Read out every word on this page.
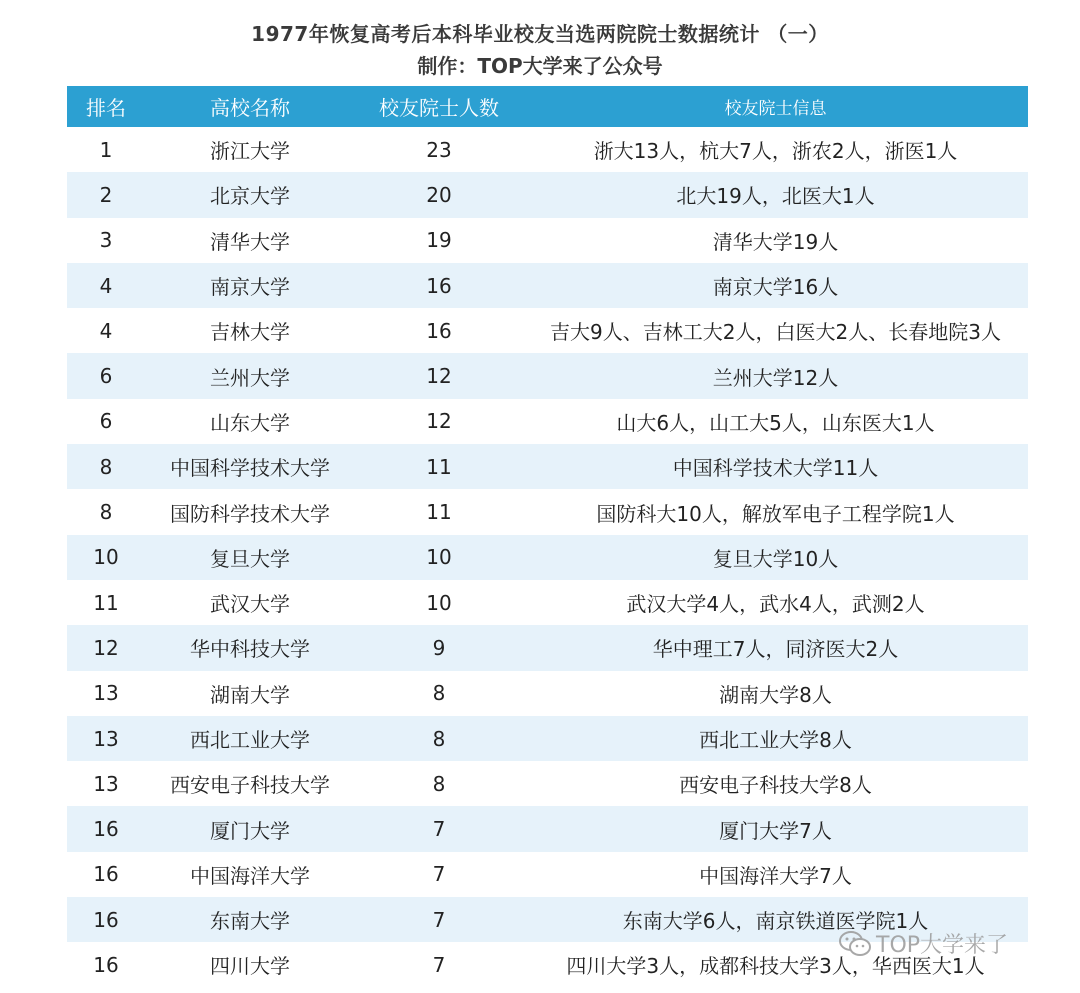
1977年恢复高考后本科毕业校友当选两院院士数据统计 （一）
制作：TOP大学来了公众号
排名	高校名称	校友院士人数	校友院士信息
1	浙江大学	23	浙大13人，杭大7人，浙农2人，浙医1人
2	北京大学	20	北大19人，北医大1人
3	清华大学	19	清华大学19人
4	南京大学	16	南京大学16人
4	吉林大学	16	吉大9人、吉林工大2人，白医大2人、长春地院3人
6	兰州大学	12	兰州大学12人
6	山东大学	12	山大6人，山工大5人，山东医大1人
8	中国科学技术大学	11	中国科学技术大学11人
8	国防科学技术大学	11	国防科大10人，解放军电子工程学院1人
10	复旦大学	10	复旦大学10人
11	武汉大学	10	武汉大学4人，武水4人，武测2人
12	华中科技大学	9	华中理工7人，同济医大2人
13	湖南大学	8	湖南大学8人
13	西北工业大学	8	西北工业大学8人
13	西安电子科技大学	8	西安电子科技大学8人
16	厦门大学	7	厦门大学7人
16	中国海洋大学	7	中国海洋大学7人
16	东南大学	7	东南大学6人，南京铁道医学院1人
16	四川大学	7	四川大学3人，成都科技大学3人，华西医大1人
TOP大学来了
